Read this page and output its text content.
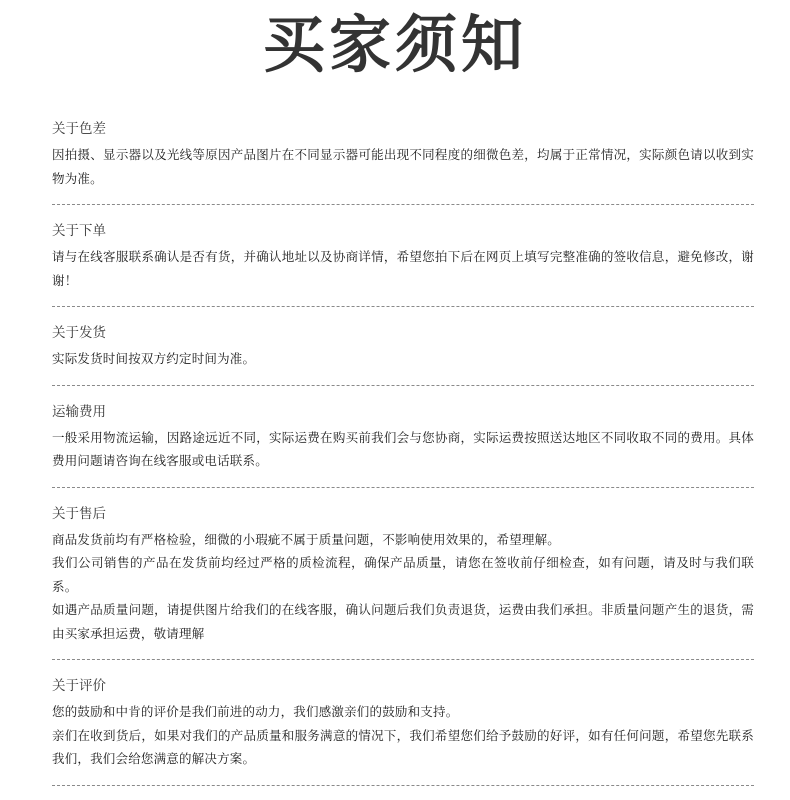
买家须知
关于色差
因拍摄、显示器以及光线等原因产品图片在不同显示器可能出现不同程度的细微色差，均属于正常情况，实际颜色请以收到实物为准。
关于下单
请与在线客服联系确认是否有货，并确认地址以及协商详情，希望您拍下后在网页上填写完整准确的签收信息，避免修改，谢谢！
关于发货
实际发货时间按双方约定时间为准。
运输费用
一般采用物流运输，因路途远近不同，实际运费在购买前我们会与您协商，实际运费按照送达地区不同收取不同的费用。具体费用问题请咨询在线客服或电话联系。
关于售后
商品发货前均有严格检验，细微的小瑕疵不属于质量问题，不影响使用效果的，希望理解。
我们公司销售的产品在发货前均经过严格的质检流程，确保产品质量，请您在签收前仔细检查，如有问题，请及时与我们联系。
如遇产品质量问题，请提供图片给我们的在线客服，确认问题后我们负责退货，运费由我们承担。非质量问题产生的退货，需由买家承担运费，敬请理解
关于评价
您的鼓励和中肯的评价是我们前进的动力，我们感激亲们的鼓励和支持。
亲们在收到货后，如果对我们的产品质量和服务满意的情况下，我们希望您们给予鼓励的好评，如有任何问题，希望您先联系我们，我们会给您满意的解决方案。
